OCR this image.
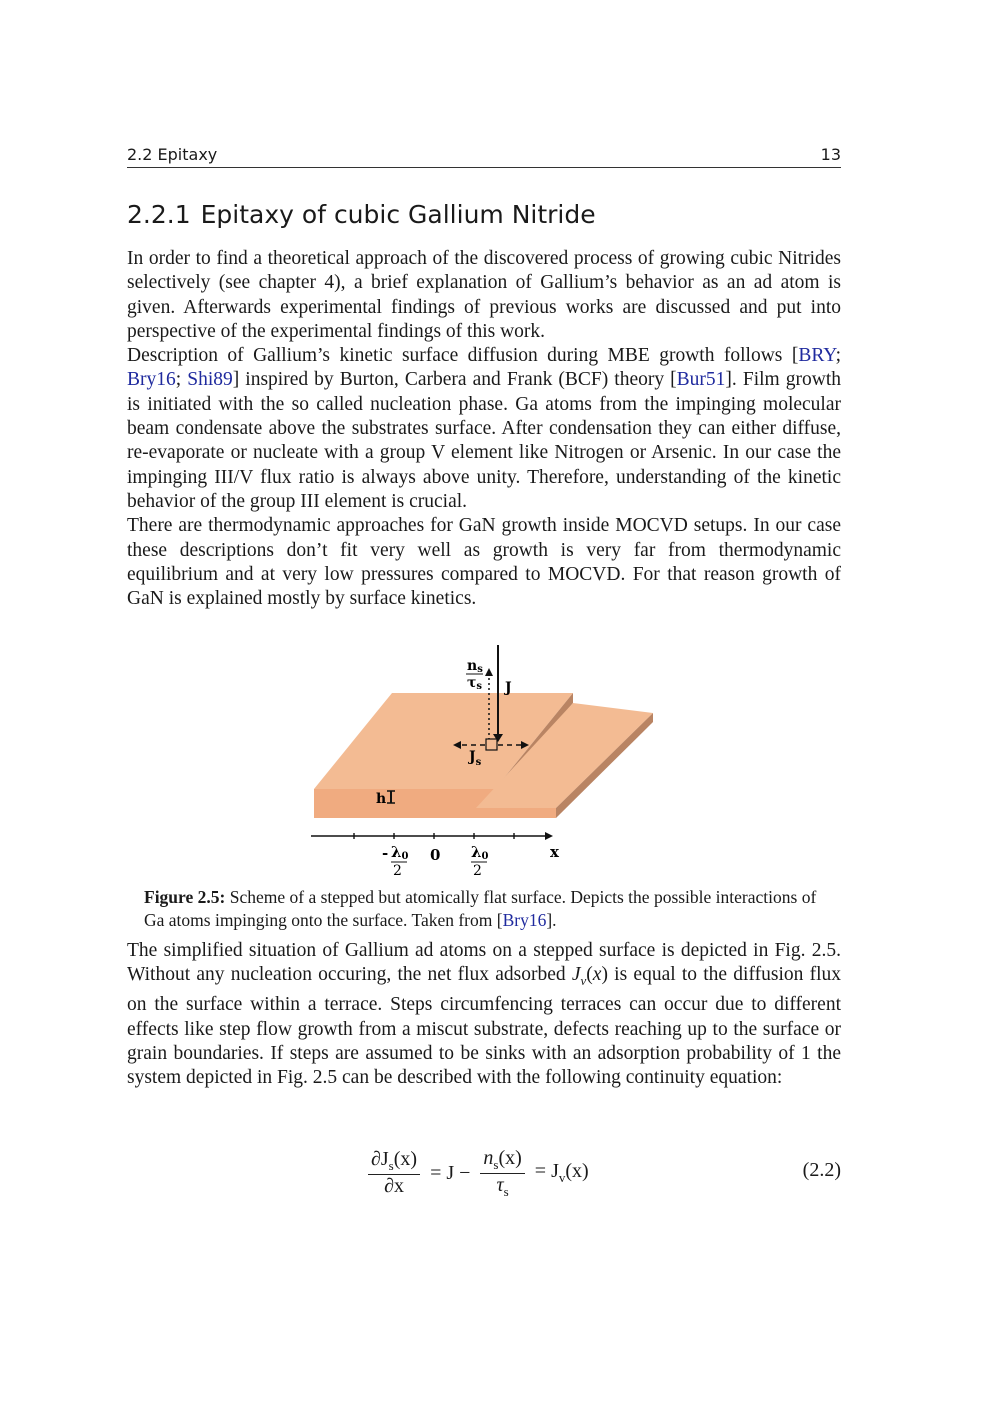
2.2 Epitaxy	13
2.2.1 Epitaxy of cubic Gallium Nitride

In order to find a theoretical approach of the discovered process of growing cubic Nitrides selectively (see chapter 4), a brief explanation of Gallium’s behavior as an ad atom is given. Afterwards experimental findings of previous works are discussed and put into perspective of the experimental findings of this work.

Description of Gallium’s kinetic surface diffusion during MBE growth follows [BRY; Bry16; Shi89] inspired by Burton, Carbera and Frank (BCF) theory [Bur51]. Film growth is initiated with the so called nucleation phase. Ga atoms from the impinging molecular beam condensate above the substrates surface. After condensation they can either diffuse, re-evaporate or nucleate with a group V element like Nitrogen or Arsenic. In our case the impinging III/V flux ratio is always above unity. Therefore, understanding of the kinetic behavior of the group III element is crucial.

There are thermodynamic approaches for GaN growth inside MOCVD setups. In our case these descriptions don’t fit very well as growth is very far from thermodynamic equilibrium and at very low pressures compared to MOCVD. For that reason growth of GaN is explained mostly by surface kinetics.

ns
τs J
$J_s$
h
- λ0
2
0 λ0
2
x
Figure 2.5: Scheme of a stepped but atomically flat surface. Depicts the possible interactions of Ga atoms impinging onto the surface. Taken from [Bry16].

The simplified situation of Gallium ad atoms on a stepped surface is depicted in Fig. 2.5. Without any nucleation occuring, the net flux adsorbed $J_v(x)$ is equal to the diffusion flux on the surface within a terrace. Steps circumfencing terraces can occur due to different effects like step flow growth from a miscut substrate, defects reaching up to the surface or grain boundaries. If steps are assumed to be sinks with an adsorption probability of 1 the system depicted in Fig. 2.5 can be described with the following continuity equation:

$\frac{\partial J_s(x)}{\partial x} = J - \frac{n_s(x)}{\tau_s} = J_v(x)$	(2.2)
